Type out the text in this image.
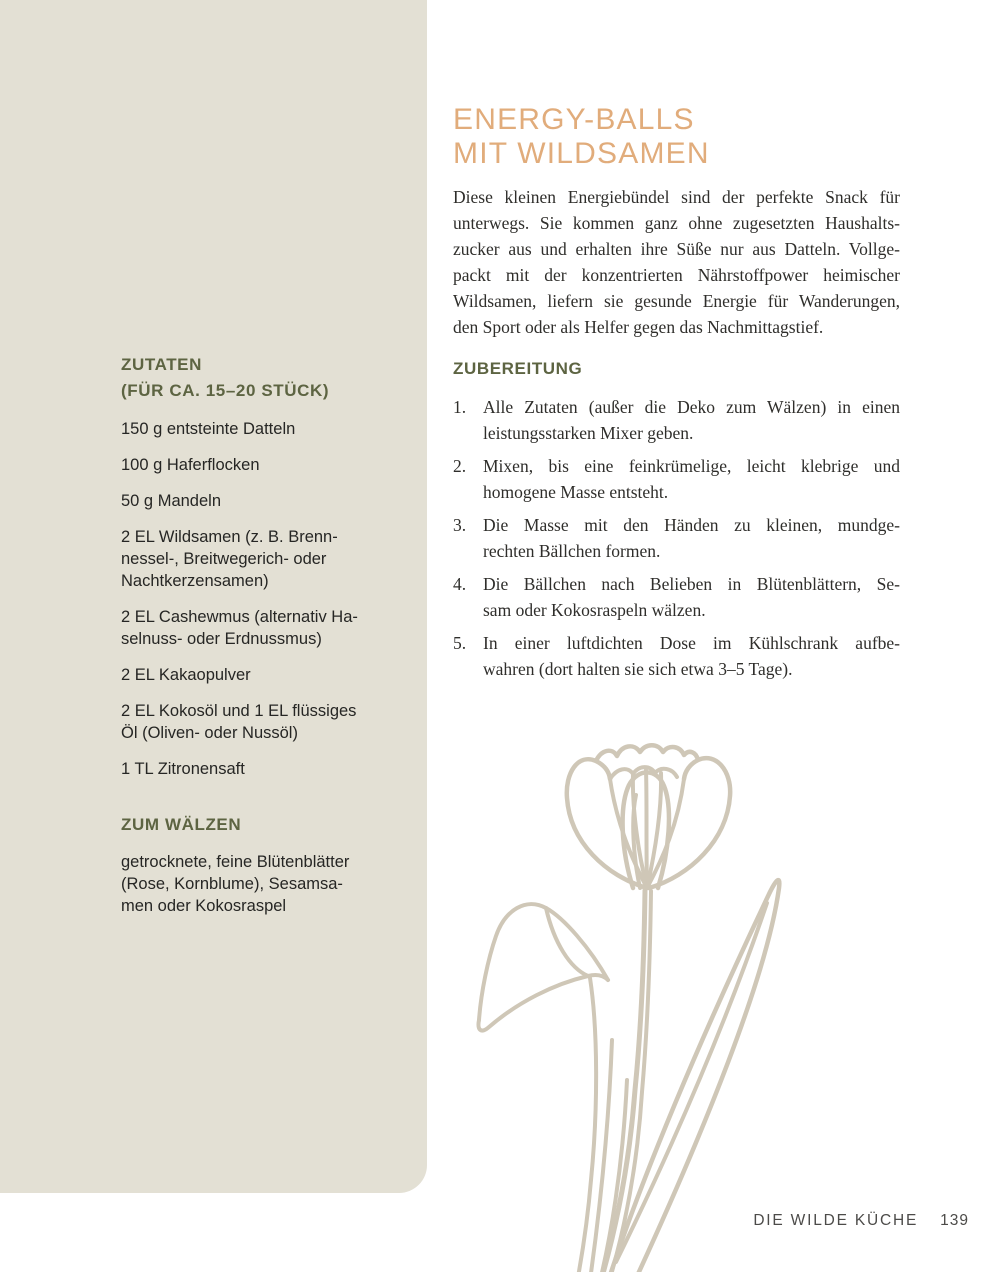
ZUTATEN
(FÜR CA. 15–20 STÜCK)
150 g entsteinte Datteln
100 g Haferflocken
50 g Mandeln
2 EL Wildsamen (z. B. Brenn-
nessel-, Breitwegerich- oder
Nachtkerzensamen)
2 EL Cashewmus (alternativ Ha-
selnuss- oder Erdnussmus)
2 EL Kakaopulver
2 EL Kokosöl und 1 EL flüssiges
Öl (Oliven- oder Nussöl)
1 TL Zitronensaft
ZUM WÄLZEN
getrocknete, feine Blütenblätter
(Rose, Kornblume), Sesamsa-
men oder Kokosraspel
ENERGY-BALLS
MIT WILDSAMEN
Diese kleinen Energiebündel sind der perfekte Snack für
unterwegs. Sie kommen ganz ohne zugesetzten Haushalts-
zucker aus und erhalten ihre Süße nur aus Datteln. Vollge-
packt mit der konzentrierten Nährstoffpower heimischer
Wildsamen, liefern sie gesunde Energie für Wanderungen,
den Sport oder als Helfer gegen das Nachmittagstief.
ZUBEREITUNG
1. Alle Zutaten (außer die Deko zum Wälzen) in einen
leistungsstarken Mixer geben.
2. Mixen, bis eine feinkrümelige, leicht klebrige und
homogene Masse entsteht.
3. Die Masse mit den Händen zu kleinen, mundge-
rechten Bällchen formen.
4. Die Bällchen nach Belieben in Blütenblättern, Se-
sam oder Kokosraspeln wälzen.
5. In einer luftdichten Dose im Kühlschrank aufbe-
wahren (dort halten sie sich etwa 3–5 Tage).
DIE WILDE KÜCHE 139
